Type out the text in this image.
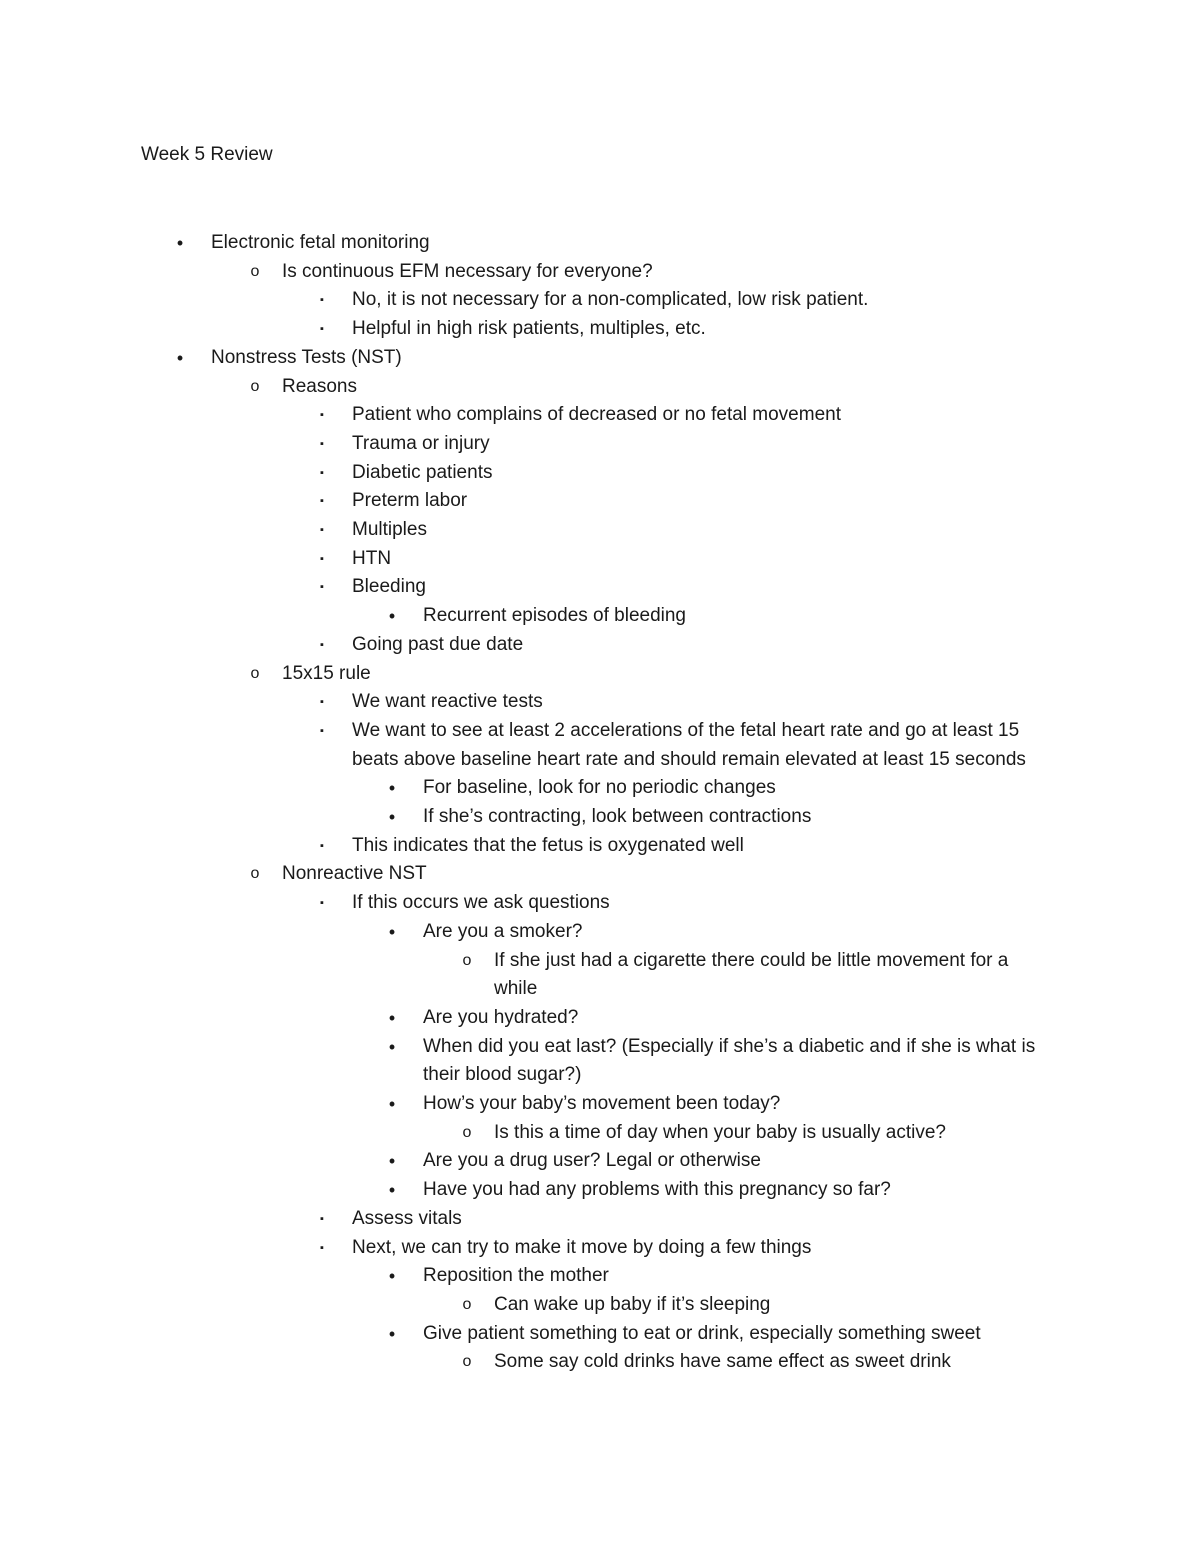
Week 5 Review
• Electronic fetal monitoring

o Is continuous EFM necessary for everyone?

▪ No, it is not necessary for a non-complicated, low risk patient.

▪ Helpful in high risk patients, multiples, etc.

• Nonstress Tests (NST)

o Reasons

▪ Patient who complains of decreased or no fetal movement

▪ Trauma or injury

▪ Diabetic patients

▪ Preterm labor

▪ Multiples

▪ HTN

▪ Bleeding

• Recurrent episodes of bleeding

▪ Going past due date

o 15x15 rule

▪ We want reactive tests

▪ We want to see at least 2 accelerations of the fetal heart rate and go at least 15

beats above baseline heart rate and should remain elevated at least 15 seconds

• For baseline, look for no periodic changes

• If she’s contracting, look between contractions

▪ This indicates that the fetus is oxygenated well

o Nonreactive NST

▪ If this occurs we ask questions

• Are you a smoker?

o If she just had a cigarette there could be little movement for a

while

• Are you hydrated?

• When did you eat last? (Especially if she’s a diabetic and if she is what is

their blood sugar?)

• How’s your baby’s movement been today?

o Is this a time of day when your baby is usually active?

• Are you a drug user? Legal or otherwise

• Have you had any problems with this pregnancy so far?

▪ Assess vitals

▪ Next, we can try to make it move by doing a few things

• Reposition the mother

o Can wake up baby if it’s sleeping

• Give patient something to eat or drink, especially something sweet

o Some say cold drinks have same effect as sweet drink
